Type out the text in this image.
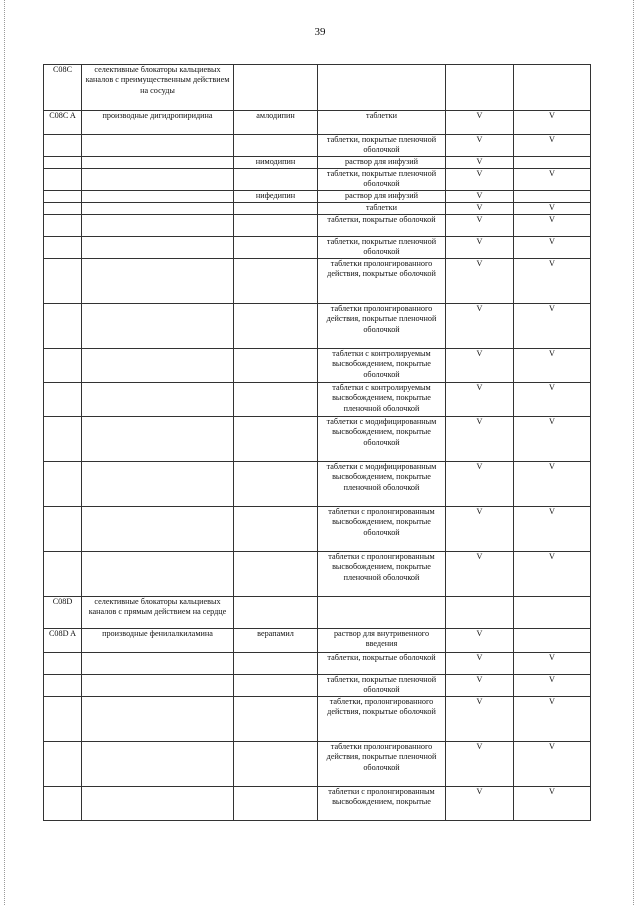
39
C08C	селективные блокаторы кальциевых каналов с преимущественным действием на сосуды				
C08C A	производные дигидропиридина	амлодипин	таблетки	V	V
			таблетки, покрытые пленочной оболочкой	V	V
		нимодипин	раствор для инфузий	V	
			таблетки, покрытые пленочной оболочкой	V	V
		нифедипин	раствор для инфузий	V	
			таблетки	V	V
			таблетки, покрытые оболочкой	V	V
			таблетки, покрытые пленочной оболочкой	V	V
			таблетки пролонгированного действия, покрытые оболочкой	V	V
			таблетки пролонгированного действия, покрытые пленочной оболочкой	V	V
			таблетки с контролируемым высвобождением, покрытые оболочкой	V	V
			таблетки с контролируемым высвобождением, покрытые пленочной оболочкой	V	V
			таблетки с модифицированным высвобождением, покрытые оболочкой	V	V
			таблетки с модифицированным высвобождением, покрытые пленочной оболочкой	V	V
			таблетки с пролонгированным высвобождением, покрытые оболочкой	V	V
			таблетки с пролонгированным высвобождением, покрытые пленочной оболочкой	V	V
C08D	селективные блокаторы кальциевых каналов с прямым действием на сердце				
C08D A	производные фенилалкиламина	верапамил	раствор для внутривенного введения	V	
			таблетки, покрытые оболочкой	V	V
			таблетки, покрытые пленочной оболочкой	V	V
			таблетки, пролонгированного действия, покрытые оболочкой	V	V
			таблетки пролонгированного действия, покрытые пленочной оболочкой	V	V
			таблетки с пролонгированным высвобождением, покрытые	V	V
